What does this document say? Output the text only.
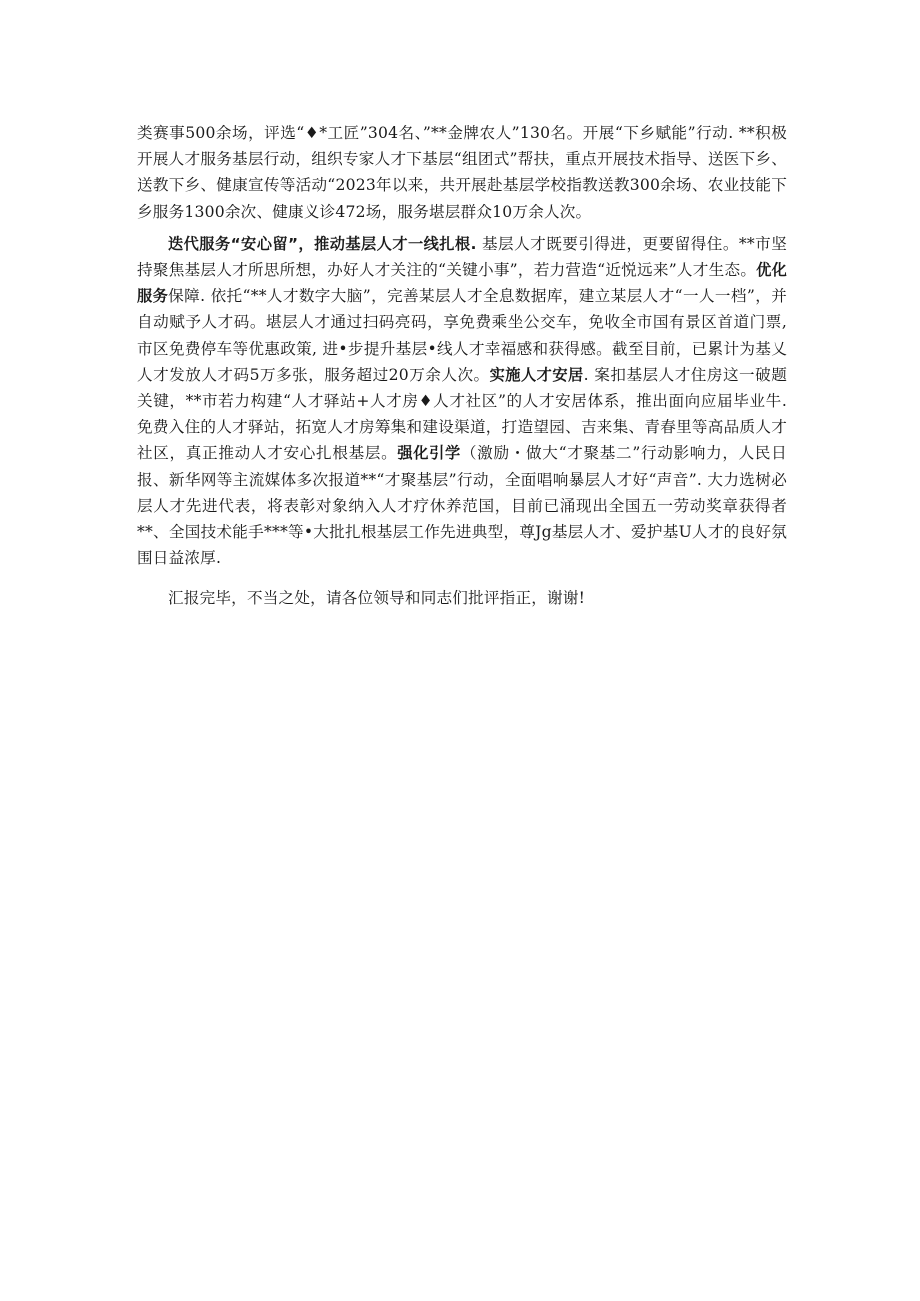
类赛事500余场，评选“♦*工匠”304名、”**金牌农人”130名。开展“下乡赋能”行动. **积极开展人才服务基层行动，组织专家人才下基层“组团式”帮扶，重点开展技术指导、送医下乡、送教下乡、健康宣传等活动“2023年以来，共开展赴基层学校指教送教300余场、农业技能下乡服务1300余次、健康义诊472场，服务堪层群众10万余人次。

迭代服务“安心留”，推动基层人才一线扎根. 基层人才既要引得进，更要留得住。**市坚持聚焦基层人才所思所想，办好人才关注的“关键小事”，若力营造“近悦远来”人才生态。优化服务保障. 依托“**人才数字大脑”，完善某层人才全息数据库，建立某层人才“一人一档”，并自动赋予人才码。堪层人才通过扫码亮码，享免费乘坐公交车，免收全市国有景区首道门票, 市区免费停车等优惠政策, 进•步提升基层•线人才幸福感和获得感。截至目前，已累计为基乂人才发放人才码5万多张，服务超过20万余人次。实施人才安居. 案扣基层人才住房这一破题关键，**市若力构建“人才驿站+人才房♦人才社区”的人才安居体系，推出面向应届毕业牛. 免费入住的人才驿站，拓宽人才房筹集和建设渠道，打造望园、吉来集、青春里等高品质人才社区，真正推动人才安心扎根基层。强化引学（激励・做大“才聚基二”行动影响力，人民日报、新华网等主流媒体多次报道**“才聚基层”行动，全面唱响暴层人才好“声音”. 大力选树必层人才先进代表，将表彰对象纳入人才疗休养范国，目前已涌现出全国五一劳动奖章获得者**、全国技术能手***等•大批扎根基层工作先进典型，尊Jg基层人才、爱护基U人才的良好氛围日益浓厚.

汇报完毕，不当之处，请各位领导和同志们批评指正，谢谢!
